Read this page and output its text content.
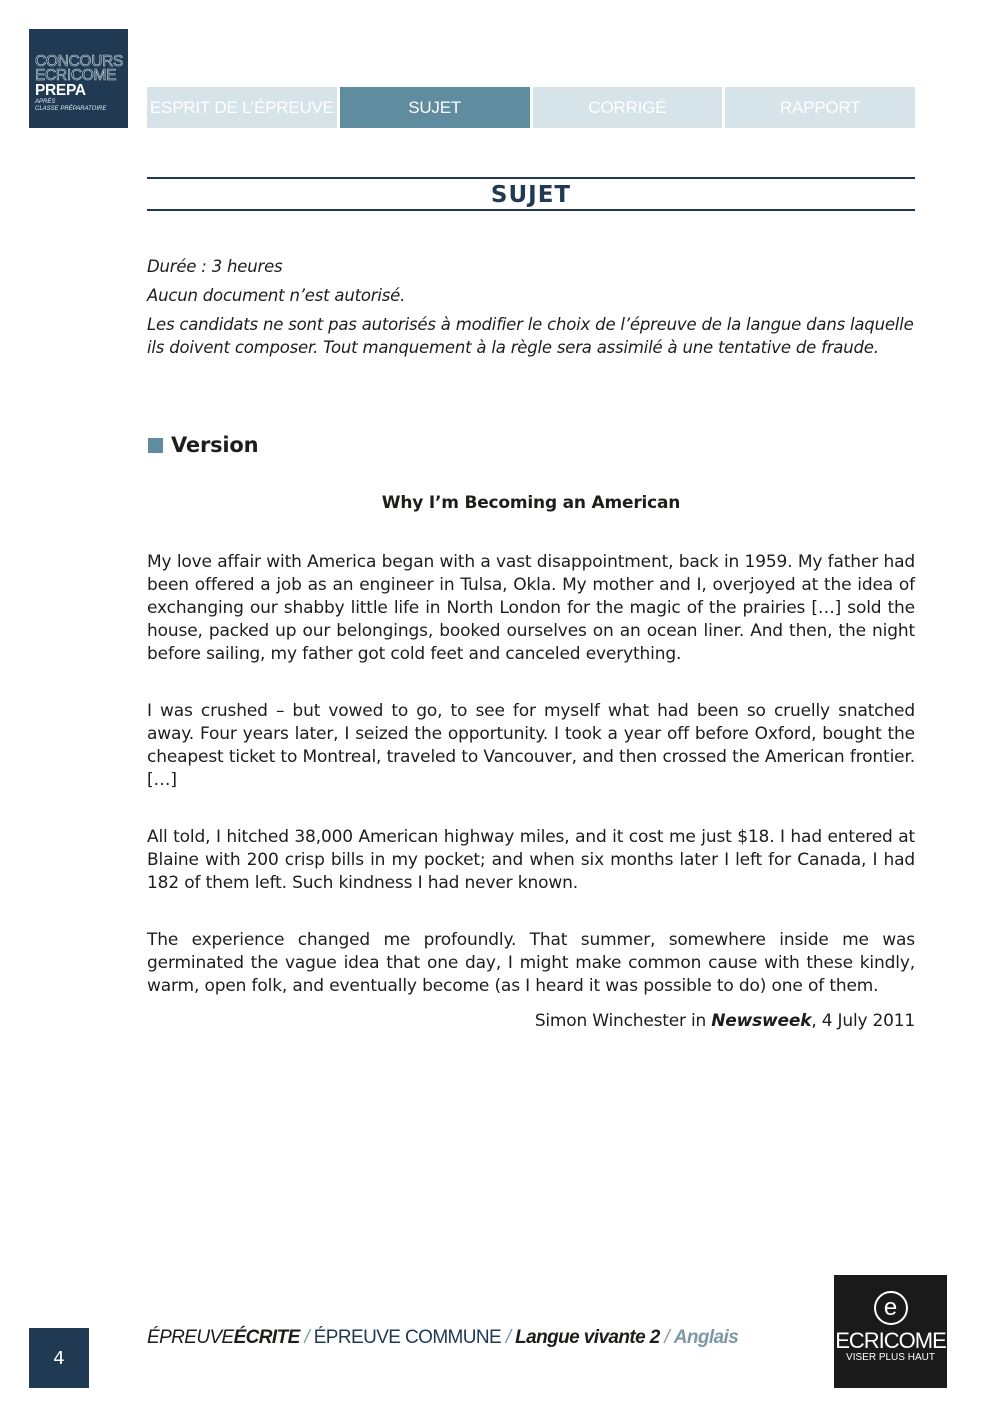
CONCOURS
ECRICOME
PREPA
APRÈS
CLASSE PRÉPARATOIRE	ESPRIT DE L’ÉPREUVE	SUJET	CORRIGÉ	RAPPORT
SUJET

Durée : 3 heures

Aucun document n’est autorisé.

Les candidats ne sont pas autorisés à modifier le choix de l’épreuve de la langue dans laquelle ils doivent composer. Tout manquement à la règle sera assimilé à une tentative de fraude.

Version
Why I’m Becoming an American

My love affair with America began with a vast disappointment, back in 1959. My father had been offered a job as an engineer in Tulsa, Okla. My mother and I, overjoyed at the idea of exchanging our shabby little life in North London for the magic of the prairies […] sold the house, packed up our belongings, booked ourselves on an ocean liner. And then, the night before sailing, my father got cold feet and canceled everything.

I was crushed – but vowed to go, to see for myself what had been so cruelly snatched away. Four years later, I seized the opportunity. I took a year off before Oxford, bought the cheapest ticket to Montreal, traveled to Vancouver, and then crossed the American frontier. […]

All told, I hitched 38,000 American highway miles, and it cost me just $18. I had entered at Blaine with 200 crisp bills in my pocket; and when six months later I left for Canada, I had 182 of them left. Such kindness I had never known.

The experience changed me profoundly. That summer, somewhere inside me was germinated the vague idea that one day, I might make common cause with these kindly, warm, open folk, and eventually become (as I heard it was possible to do) one of them.

Simon Winchester in Newsweek, 4 July 2011
4
ÉPREUVEÉCRITE / ÉPREUVE COMMUNE / Langue vivante 2 / Anglais
e
ECRICOME
VISER PLUS HAUT
